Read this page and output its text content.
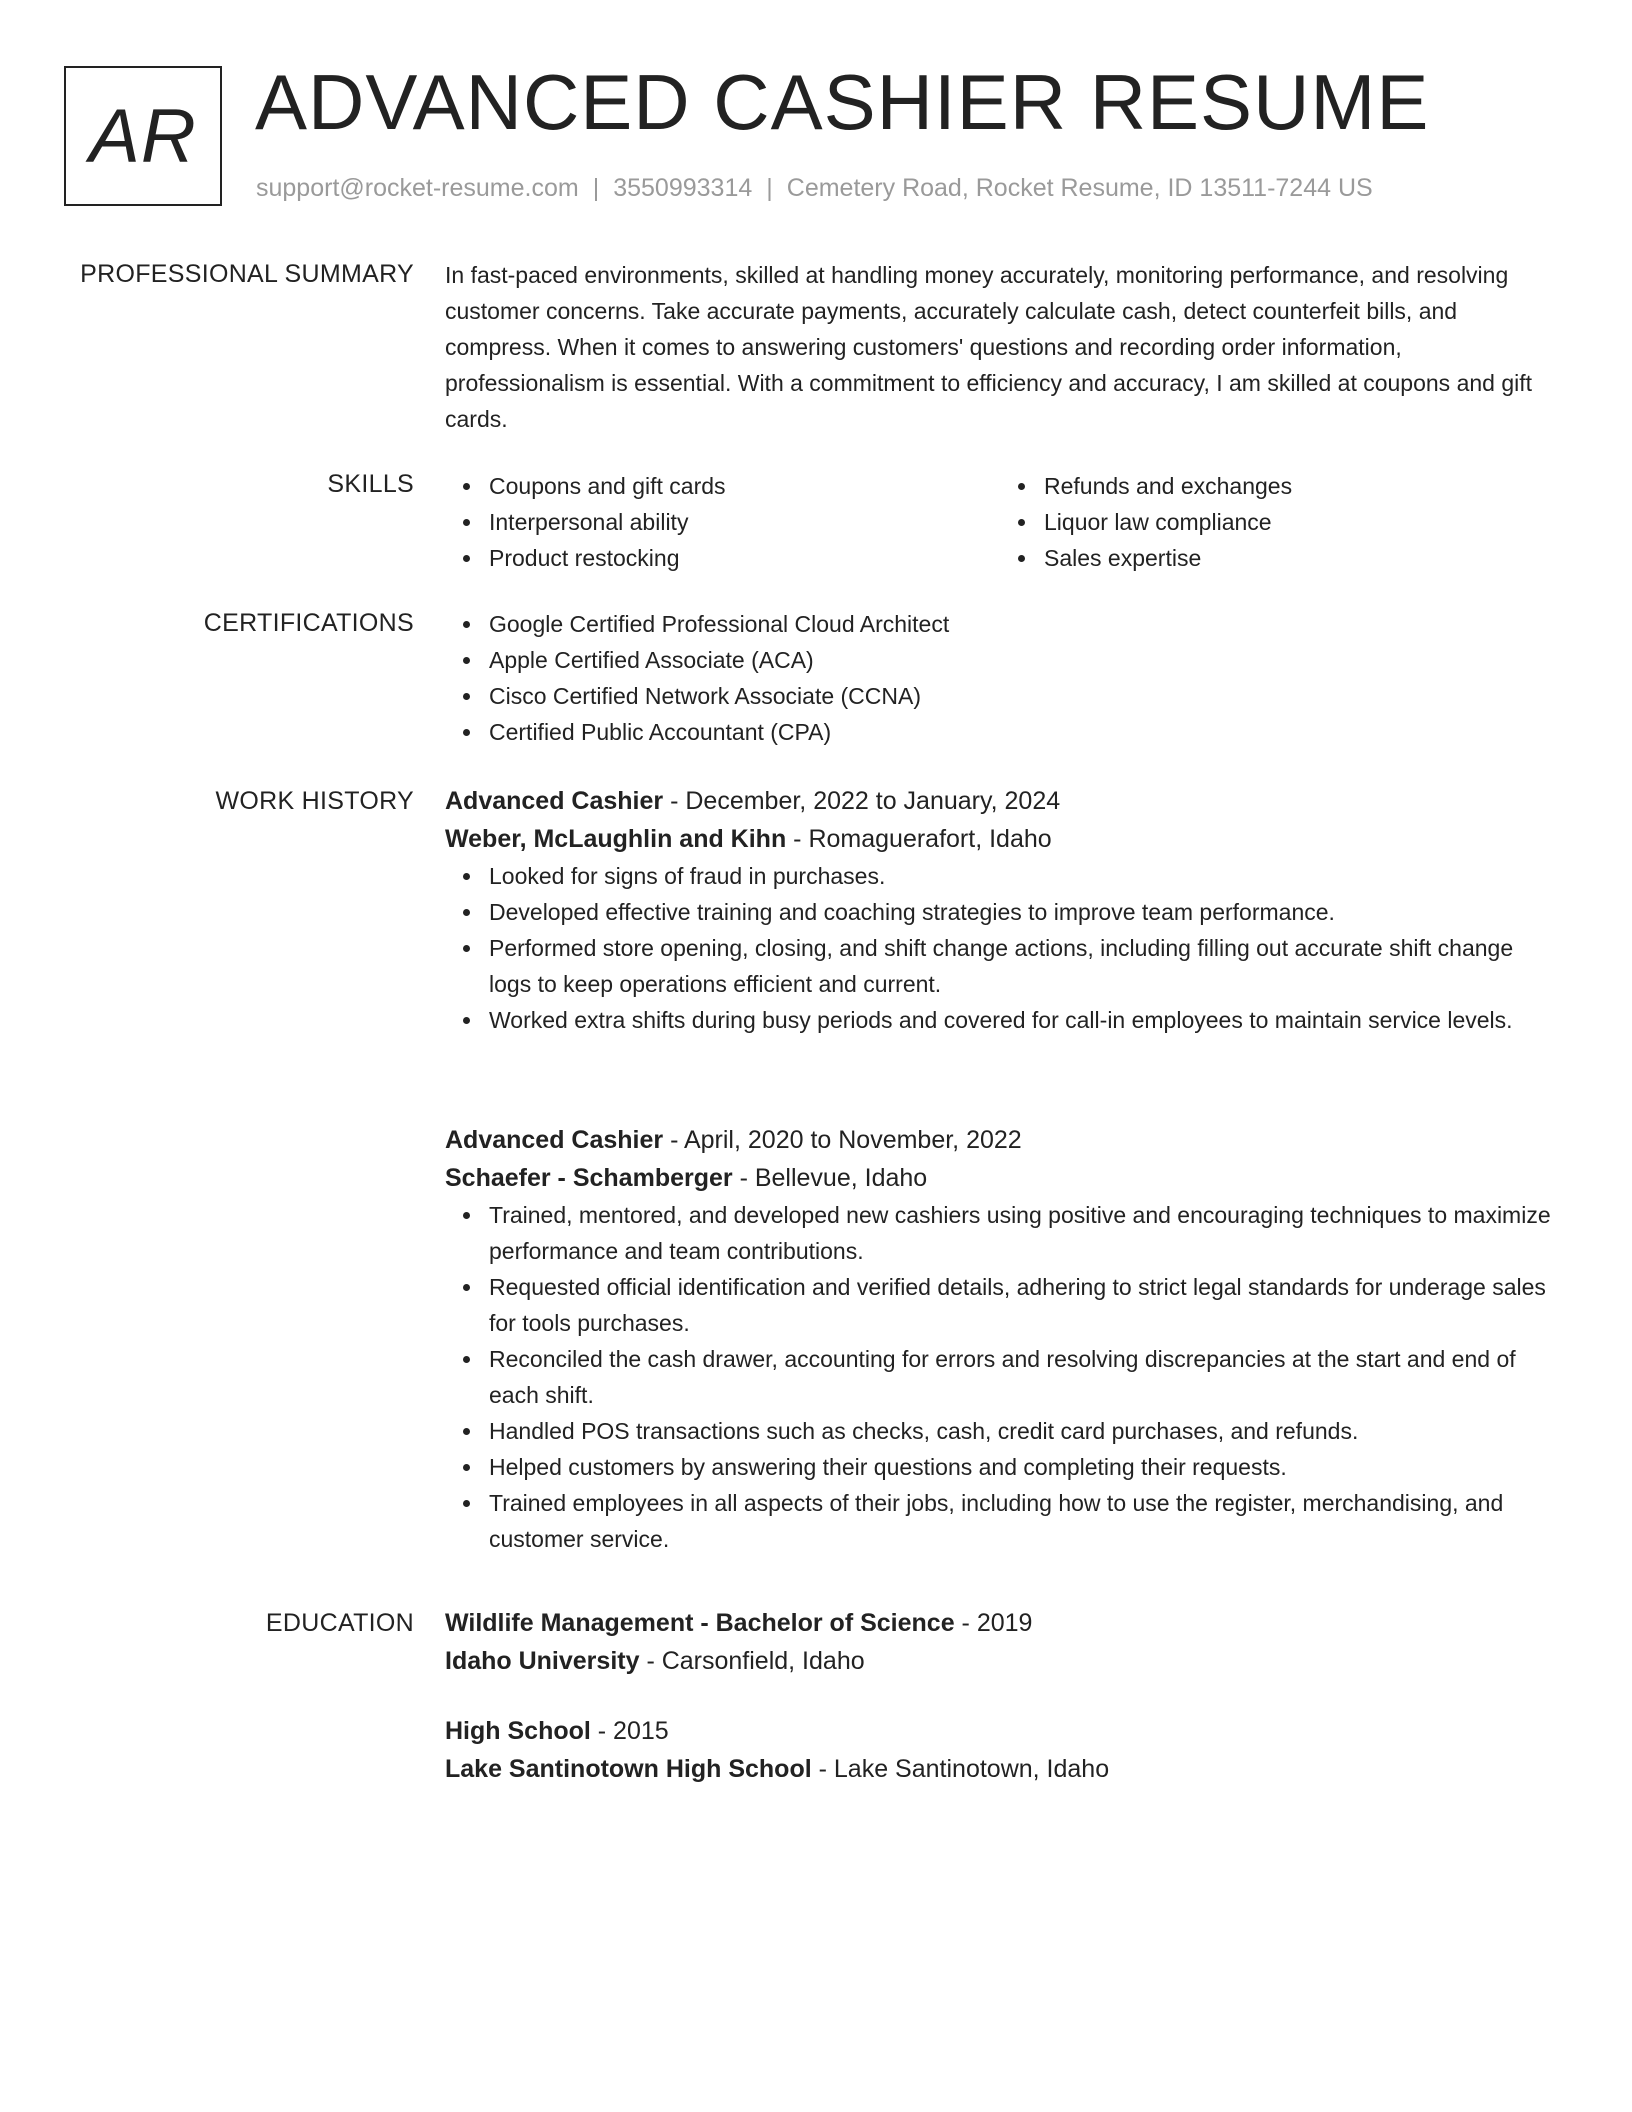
AR ADVANCED CASHIER RESUME
support@rocket-resume.com | 3550993314 | Cemetery Road, Rocket Resume, ID 13511-7244 US
PROFESSIONAL SUMMARY In fast-paced environments, skilled at handling money accurately, monitoring performance, and resolving customer concerns. Take accurate payments, accurately calculate cash, detect counterfeit bills, and compress. When it comes to answering customers' questions and recording order information, professionalism is essential. With a commitment to efficiency and accuracy, I am skilled at coupons and gift cards.

SKILLS	Coupons and gift cards
Interpersonal ability
Product restocking
Refunds and exchanges
Liquor law compliance
Sales expertise
CERTIFICATIONS	Google Certified Professional Cloud Architect
Apple Certified Associate (ACA)
Cisco Certified Network Associate (CCNA)
Certified Public Accountant (CPA)
WORK HISTORY Advanced Cashier - December, 2022 to January, 2024
Weber, McLaughlin and Kihn - Romaguerafort, Idaho
Looked for signs of fraud in purchases.
Developed effective training and coaching strategies to improve team performance.
Performed store opening, closing, and shift change actions, including filling out accurate shift change logs to keep operations efficient and current.
Worked extra shifts during busy periods and covered for call-in employees to maintain service levels.
Advanced Cashier - April, 2020 to November, 2022
Schaefer - Schamberger - Bellevue, Idaho
Trained, mentored, and developed new cashiers using positive and encouraging techniques to maximize performance and team contributions.
Requested official identification and verified details, adhering to strict legal standards for underage sales for tools purchases.
Reconciled the cash drawer, accounting for errors and resolving discrepancies at the start and end of each shift.
Handled POS transactions such as checks, cash, credit card purchases, and refunds.
Helped customers by answering their questions and completing their requests.
Trained employees in all aspects of their jobs, including how to use the register, merchandising, and customer service.
EDUCATION Wildlife Management - Bachelor of Science - 2019
Idaho University - Carsonfield, Idaho
High School - 2015
Lake Santinotown High School - Lake Santinotown, Idaho
